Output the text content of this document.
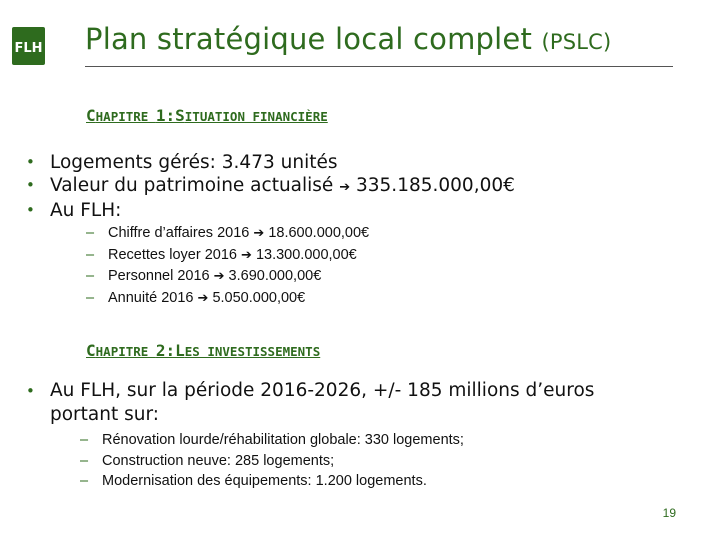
FLH Plan stratégique local complet (PSLC)
CHAPITRE 1:SITUATION FINANCIÈRE
• Logements gérés: 3.473 unités
• Valeur du patrimoine actualisé ➔ 335.185.000,00€
• Au FLH:
– Chiffre d’affaires 2016 ➔ 18.600.000,00€
– Recettes loyer 2016 ➔ 13.300.000,00€
– Personnel 2016 ➔ 3.690.000,00€
– Annuité 2016 ➔ 5.050.000,00€
CHAPITRE 2:LES INVESTISSEMENTS
• Au FLH, sur la période 2016-2026, +/- 185 millions d’euros
portant sur:
– Rénovation lourde/réhabilitation globale: 330 logements;
– Construction neuve: 285 logements;
– Modernisation des équipements: 1.200 logements.
19
